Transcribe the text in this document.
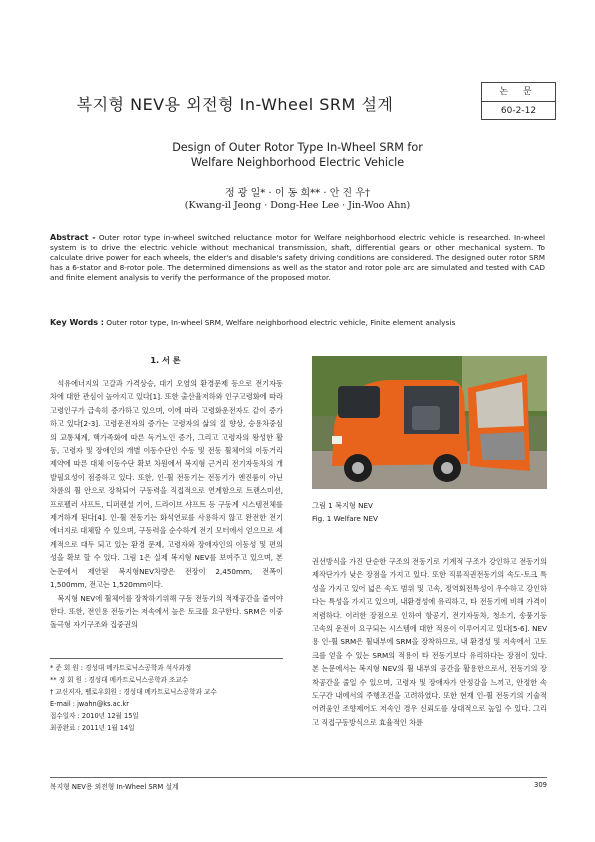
복지형 NEV용 외전형 In-Wheel SRM 설계
논 문
60-2-12
Design of Outer Rotor Type In-Wheel SRM for
Welfare Neighborhood Electric Vehicle
정 광 일* · 이 동 희** · 안 진 우†
(Kwang-il Jeong · Dong-Hee Lee · Jin-Woo Ahn)
Abstract - Outer rotor type in-wheel switched reluctance motor for Welfare neighborhood electric vehicle is researched. In-wheel system is to drive the electric vehicle without mechanical transmission, shaft, differential gears or other mechanical system. To calculate drive power for each wheels, the elder's and disable's safety driving conditions are considered. The designed outer rotor SRM has a 6-stator and 8-rotor pole. The determined dimensions as well as the stator and rotor pole arc are simulated and tested with CAD and finite element analysis to verify the performance of the proposed motor.
Key Words : Outer rotor type, In-wheel SRM, Welfare neighborhood electric vehicle, Finite element analysis
1. 서 론

석유에너지의 고갈과 가격상승, 대기 오염의 환경문제 등으로 전기자동차에 대한 관심이 높아지고 있다[1]. 또한 출산율저하와 인구고령화에 따라 고령인구가 급속히 증가하고 있으며, 이에 따라 고령화운전자도 같이 증가하고 있다[2-3]. 고령운전자의 증가는 고령자의 삶의 질 향상, 승용차중심의 교통체계, 핵가족화에 따른 독거노인 증가, 그리고 고령자의 왕성한 활동, 고령자 및 장애인의 개별 이동수단인 수동 및 전동 휠체어의 이동거리 제약에 따른 대체 이동수단 확보 차원에서 복지형 근거리 전기자동차의 개발필요성이 점증하고 있다. 또한, 인-휠 전동기는 전동기가 엔진룸이 아닌 차륜의 휠 안으로 장착되어 구동력을 직접적으로 연계함으로 트랜스미션, 프로펠러 샤프트, 디퍼렌셜 기어, 드라이브 샤프트 등 구동계 시스템전체를 제거하게 된다[4]. 인-휠 전동기는 화석연료를 사용하지 않고 완전한 전기 에너지로 대체할 수 있으며, 구동력을 순수하게 전기 모터에서 얻으므로 세계적으로 대두 되고 있는 환경 문제, 고령자와 장애자인의 이동성 및 편의성을 확보 할 수 있다. 그림 1은 실제 복지형 NEV를 보여주고 있으며, 본 논문에서 제안된 복지형NEV차량은 전장이 2,450mm, 전폭이 1,500mm, 전고는 1,520mm이다.

복지형 NEV에 휠체어를 장착하기위해 구동 전동기의 적재공간을 줄여야 한다. 또한, 전인용 전동기는 저속에서 높은 토크를 요구한다. SRM은 이중 돌극형 자기구조와 집중권의

그림 1 복지형 NEV
Fig. 1 Welfare NEV

권선방식을 가진 단순한 구조의 전동기로 기계적 구조가 강인하고 전동기의 제작단가가 낮은 장점을 가지고 있다. 또한 직류직권전동기의 속도-토크 특성을 가지고 있어 넓은 속도 범위 및 고속, 정역회전특성이 우수하고 강인하다는 특성을 가지고 있으며, 내환경성에 유리하고, 타 전동기에 비해 가격이 저렴하다. 이러한 장점으로 인하여 항공기, 전기자동차, 청소기, 송풍기등 고속의 운전이 요구되는 시스템에 대한 적용이 이루어지고 있다[5-6]. NEV용 인-휠 SRM은 휠내부에 SRM을 장착하므로, 내 환경성 및 저속에서 고토크를 얻을 수 있는 SRM의 적용이 타 전동기보다 유리하다는 장점이 있다. 본 논문에서는 복지형 NEV의 휠 내부의 공간을 활용한으로서, 전동기의 장착공간을 줄일 수 있으며, 고령자 및 장애자가 안정감을 느끼고, 안정한 속도구간 내에서의 주행조건을 고려하였다. 또한 현재 인-휠 전동기의 기술적 어려움인 조향제어도 저속인 경우 신뢰도를 상대적으로 높일 수 있다. 그리고 직접구동방식으로 효율적인 차륜

* 준 회 원 : 경성대 메카트로닉스공학과 석사과정
** 정 회 원 : 경성대 메카트로닉스공학과 조교수
† 교신저자, 펠로우회원 : 경성대 메카트로닉스공학과 교수
E-mail : jwahn@ks.ac.kr
접수일자 : 2010년 12월 15일
최종완료 : 2011년 1월 14일
복지형 NEV용 외전형 In-Wheel SRM 설계	309
